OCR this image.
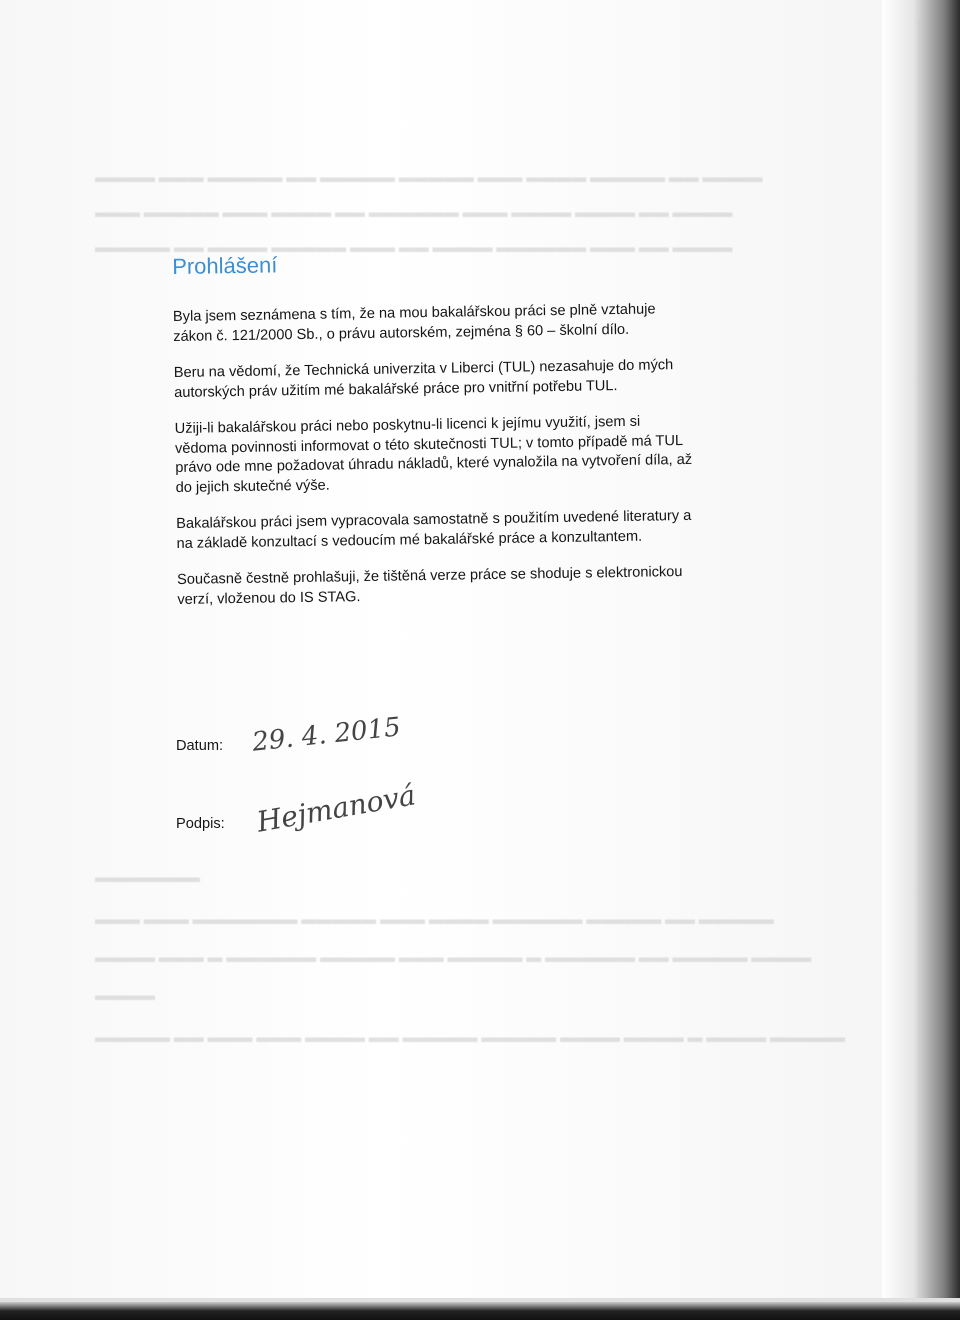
▬▬▬▬ ▬▬▬ ▬▬▬▬▬ ▬▬ ▬▬▬▬▬ ▬▬▬▬▬ ▬▬▬ ▬▬▬▬ ▬▬▬▬▬ ▬▬ ▬▬▬▬
▬▬▬ ▬▬▬▬▬ ▬▬▬ ▬▬▬▬ ▬▬ ▬▬▬▬▬▬ ▬▬▬ ▬▬▬▬ ▬▬▬▬ ▬▬ ▬▬▬▬
▬▬▬▬▬ ▬▬ ▬▬▬▬ ▬▬▬▬▬ ▬▬▬ ▬▬ ▬▬▬▬ ▬▬▬▬▬▬ ▬▬▬ ▬▬ ▬▬▬▬
▬▬▬▬▬▬▬
▬▬▬ ▬▬▬ ▬▬▬▬▬▬▬ ▬▬▬▬▬ ▬▬▬ ▬▬▬▬ ▬▬▬▬▬▬ ▬▬▬▬▬ ▬▬ ▬▬▬▬▬
▬▬▬▬ ▬▬▬ ▬ ▬▬▬▬▬▬ ▬▬▬▬▬ ▬▬▬ ▬▬▬▬▬ ▬ ▬▬▬▬▬▬ ▬▬ ▬▬▬▬▬ ▬▬▬▬
▬▬▬▬
▬▬▬▬▬ ▬▬ ▬▬▬ ▬▬▬ ▬▬▬▬ ▬▬ ▬▬▬▬▬ ▬▬▬▬▬ ▬▬▬▬ ▬▬▬▬ ▬ ▬▬▬▬ ▬▬▬▬▬
Prohlášení

Byla jsem seznámena s tím, že na mou bakalářskou práci se plně vztahuje zákon č. 121/2000 Sb., o právu autorském, zejména § 60 – školní dílo.

Beru na vědomí, že Technická univerzita v Liberci (TUL) nezasahuje do mých autorských práv užitím mé bakalářské práce pro vnitřní potřebu TUL.

Užiji-li bakalářskou práci nebo poskytnu-li licenci k jejímu využití, jsem si vědoma povinnosti informovat o této skutečnosti TUL; v tomto případě má TUL právo ode mne požadovat úhradu nákladů, které vynaložila na vytvoření díla, až do jejich skutečné výše.

Bakalářskou práci jsem vypracovala samostatně s použitím uvedené literatury a na základě konzultací s vedoucím mé bakalářské práce a konzultantem.

Současně čestně prohlašuji, že tištěná verze práce se shoduje s elektronickou verzí, vloženou do IS STAG.

Datum: 29. 4. 2015
Podpis: Hejmanová
